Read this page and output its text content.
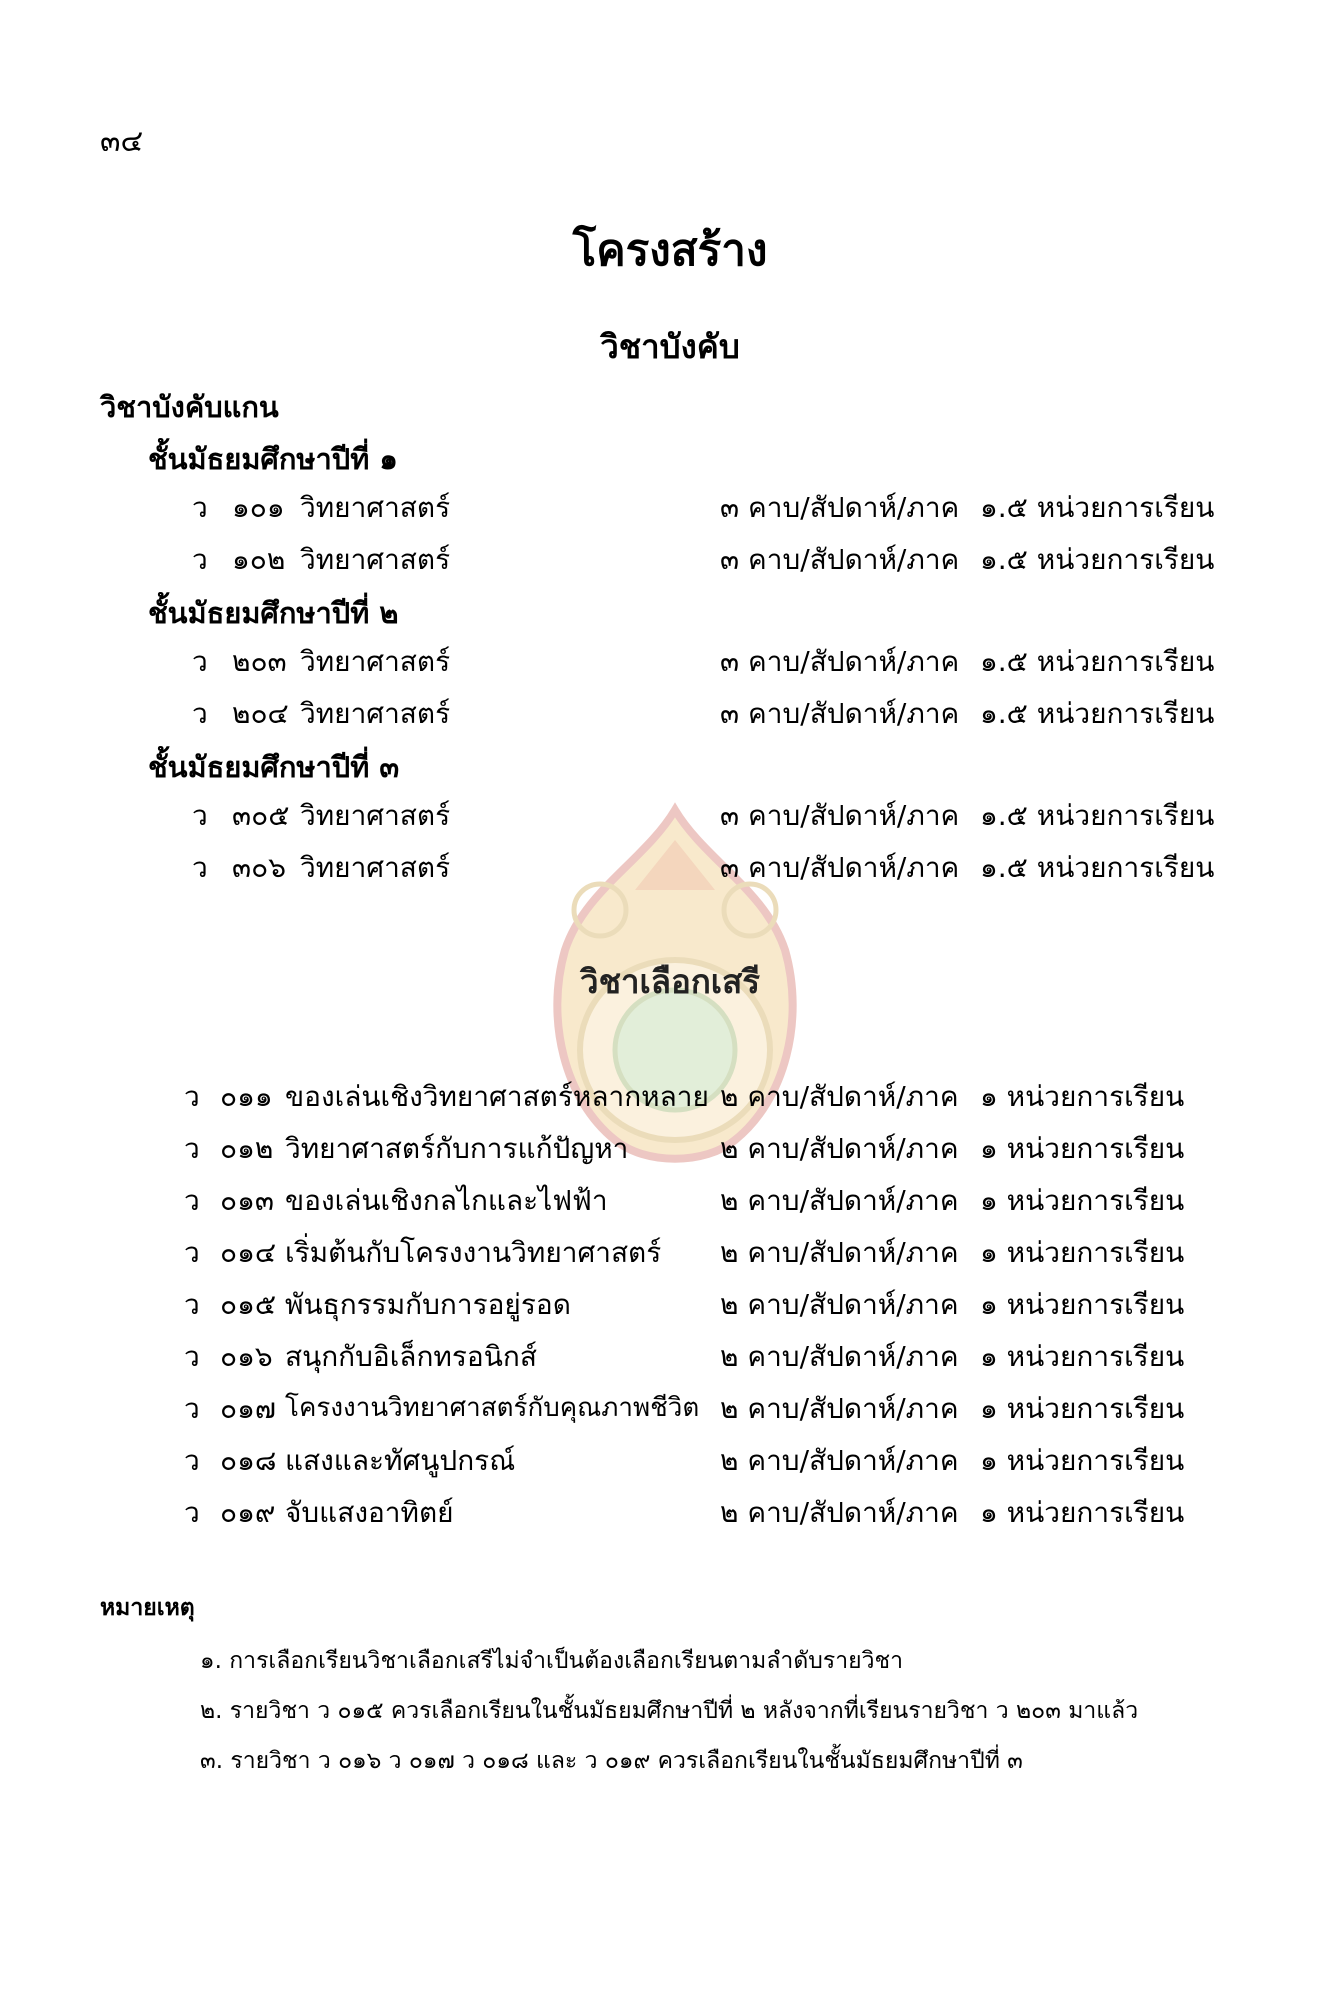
๓๔
โครงสร้าง
วิชาบังคับ
วิชาบังคับแกน
ชั้นมัธยมศึกษาปีที่ ๑
ว ๑๐๑ วิทยาศาสตร์	๓ คาบ/สัปดาห์/ภาค ๑.๕ หน่วยการเรียน
ว ๑๐๒ วิทยาศาสตร์	๓ คาบ/สัปดาห์/ภาค ๑.๕ หน่วยการเรียน
ชั้นมัธยมศึกษาปีที่ ๒
ว ๒๐๓ วิทยาศาสตร์	๓ คาบ/สัปดาห์/ภาค ๑.๕ หน่วยการเรียน
ว ๒๐๔ วิทยาศาสตร์	๓ คาบ/สัปดาห์/ภาค ๑.๕ หน่วยการเรียน
ชั้นมัธยมศึกษาปีที่ ๓
ว ๓๐๕ วิทยาศาสตร์	๓ คาบ/สัปดาห์/ภาค ๑.๕ หน่วยการเรียน
ว ๓๐๖ วิทยาศาสตร์	๓ คาบ/สัปดาห์/ภาค ๑.๕ หน่วยการเรียน
วิชาเลือกเสรี
ว ๐๑๑ ของเล่นเชิงวิทยาศาสตร์หลากหลาย ๒ คาบ/สัปดาห์/ภาค ๑ หน่วยการเรียน
ว ๐๑๒ วิทยาศาสตร์กับการแก้ปัญหา	๒ คาบ/สัปดาห์/ภาค ๑ หน่วยการเรียน
ว ๐๑๓ ของเล่นเชิงกลไกและไฟฟ้า	๒ คาบ/สัปดาห์/ภาค ๑ หน่วยการเรียน
ว ๐๑๔ เริ่มต้นกับโครงงานวิทยาศาสตร์ ๒ คาบ/สัปดาห์/ภาค ๑ หน่วยการเรียน
ว ๐๑๕ พันธุกรรมกับการอยู่รอด	๒ คาบ/สัปดาห์/ภาค ๑ หน่วยการเรียน
ว ๐๑๖ สนุกกับอิเล็กทรอนิกส์	๒ คาบ/สัปดาห์/ภาค ๑ หน่วยการเรียน
ว ๐๑๗ โครงงานวิทยาศาสตร์กับคุณภาพชีวิต ๒ คาบ/สัปดาห์/ภาค ๑ หน่วยการเรียน
ว ๐๑๘ แสงและทัศนูปกรณ์	๒ คาบ/สัปดาห์/ภาค ๑ หน่วยการเรียน
ว ๐๑๙ จับแสงอาทิตย์	๒ คาบ/สัปดาห์/ภาค ๑ หน่วยการเรียน
หมายเหตุ
๑. การเลือกเรียนวิชาเลือกเสรีไม่จำเป็นต้องเลือกเรียนตามลำดับรายวิชา
๒. รายวิชา ว ๐๑๕ ควรเลือกเรียนในชั้นมัธยมศึกษาปีที่ ๒ หลังจากที่เรียนรายวิชา ว ๒๐๓ มาแล้ว
๓. รายวิชา ว ๐๑๖ ว ๐๑๗ ว ๐๑๘ และ ว ๐๑๙ ควรเลือกเรียนในชั้นมัธยมศึกษาปีที่ ๓
